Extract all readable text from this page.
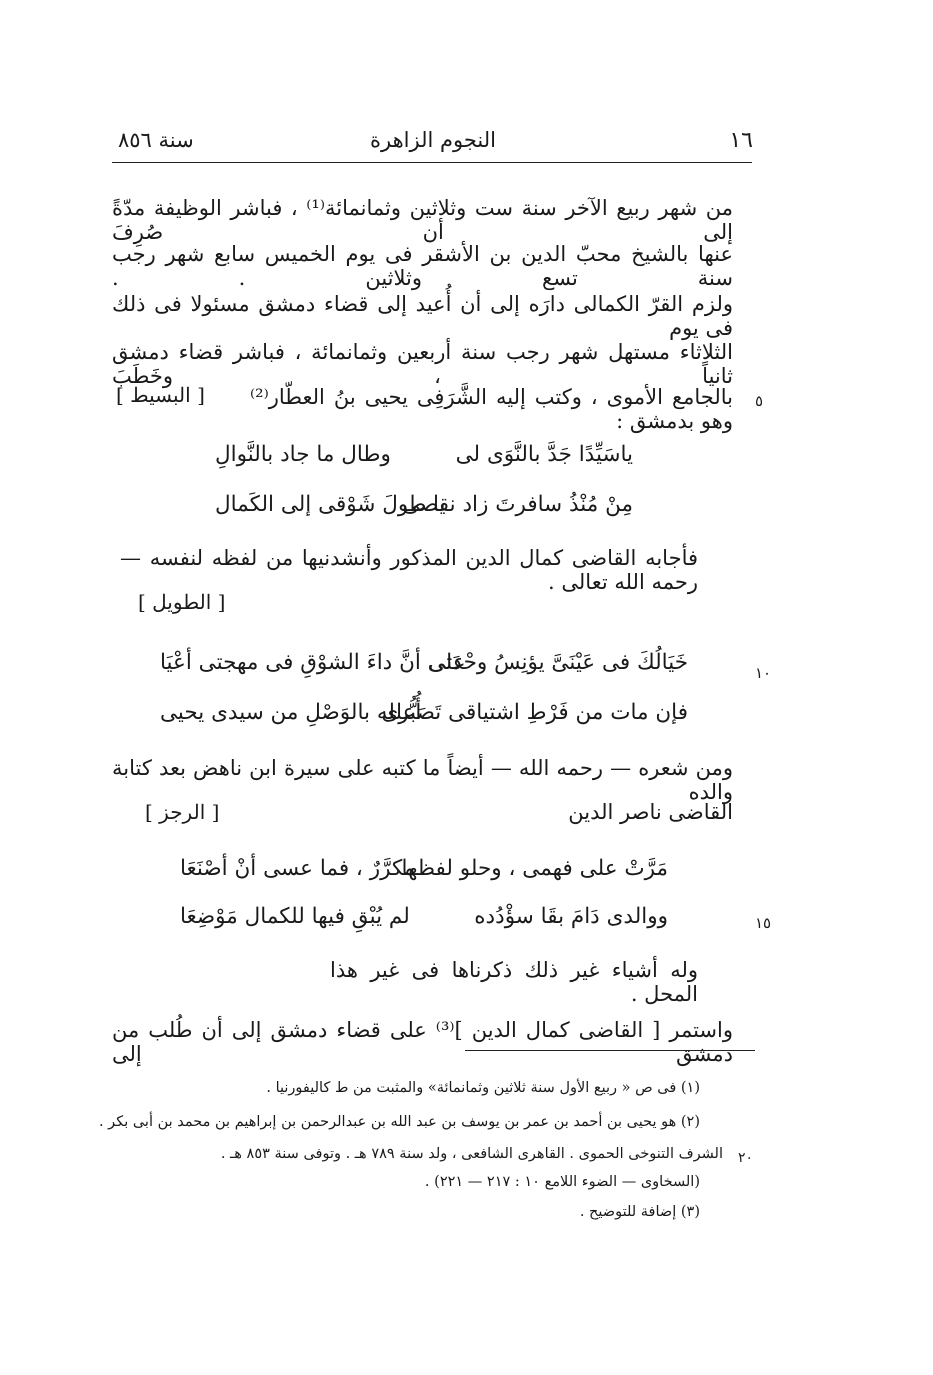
١٦
النجوم الزاهرة
سنة ٨٥٦
من شهر ربيع الآخر سنة ست وثلاثين وثمانمائة⁽¹⁾ ، فباشر الوظيفة مدّةً إلى أن صُرِفَ
عنها بالشيخ محبّ الدين بن الأشقر فى يوم الخميس سابع شهر رجب سنة تسع وثلاثين . .
ولزم القرّ الكمالى دارَه إلى أن أُعيد إلى قضاء دمشق مسئولا فى ذلك فى يوم
الثلاثاء مستهل شهر رجب سنة أربعين وثمانمائة ، فباشر قضاء دمشق ثانياً ، وخَطَبَ
بالجامع الأموى ، وكتب إليه الشَّرَفِى يحيى بنُ العطّار⁽²⁾ وهو بدمشق :
[ البسيط ]	٥
ياسَيِّدًا جَدَّ بالنَّوَى لى
وطال ما جاد بالنَّوالِ
مِنْ مُنْذُ سافرتَ زاد نقصى
يا طولَ شَوْقى إلى الكَمال
فأجابه القاضى كمال الدين المذكور وأنشدنيها من لفظه لنفسه — رحمه الله تعالى .
[ الطويل ]
خَيَالُكَ فى عَيْنَىَّ يؤنِسُ وحْدَتى
على أنَّ داءَ الشوْقِ فى مهجتى أعْيَا	١٠
فإن مات من فَرْطِ اشتياقى تَصَبُّرى
أُعلله بالوَصْلِ من سيدى يحيى
ومن شعره — رحمه الله — أيضاً ما كتبه على سيرة ابن ناهض بعد كتابة والده
القاضى ناصر الدين
[ الرجز ]
مَرَّتْ على فهمى ، وحلو لفظها
مكرَّرٌ ، فما عسى أنْ أصْنَعَا
ووالدى دَامَ بقَا سؤْدُده
لم يُبْقِ فيها للكمال مَوْضِعَا	١٥
وله أشياء غير ذلك ذكرناها فى غير هذا المحل .
واستمر [ القاضى كمال الدين ]⁽³⁾ على قضاء دمشق إلى أن طُلب من دمشق إلى
(١) فى ص « ربيع الأول سنة ثلاثين وثمانمائة» والمثبت من ط كاليفورنيا .
(٢) هو يحيى بن أحمد بن عمر بن يوسف بن عبد الله بن عبدالرحمن بن إبراهيم بن محمد بن أبى بكر .
الشرف التنوخى الحموى . القاهرى الشافعى ، ولد سنة ٧٨٩ هـ . وتوفى سنة ٨٥٣ هـ . ٢٠
(السخاوى — الضوء اللامع ١٠ : ٢١٧ — ٢٢١) .
(٣) إضافة للتوضيح .
